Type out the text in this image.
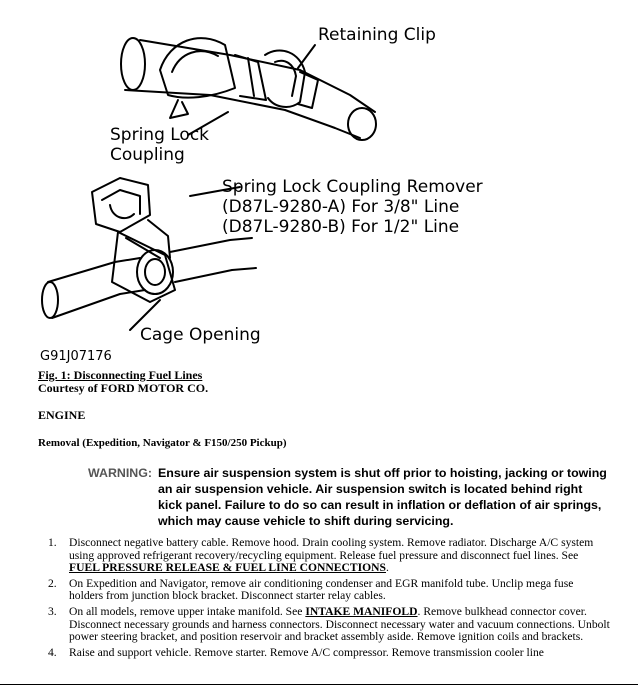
Retaining Clip
Spring Lock
Coupling
Spring Lock Coupling Remover
(D87L-9280-A) For 3/8" Line
(D87L-9280-B) For 1/2" Line
Cage Opening
G91J07176
Fig. 1: Disconnecting Fuel Lines
Courtesy of FORD MOTOR CO.
ENGINE
Removal (Expedition, Navigator & F150/250 Pickup)
WARNING: Ensure air suspension system is shut off prior to hoisting, jacking or towing an air suspension vehicle. Air suspension switch is located behind right kick panel. Failure to do so can result in inflation or deflation of air springs, which may cause vehicle to shift during servicing.
1. Disconnect negative battery cable. Remove hood. Drain cooling system. Remove radiator. Discharge A/C system using approved refrigerant recovery/recycling equipment. Release fuel pressure and disconnect fuel lines. See FUEL PRESSURE RELEASE & FUEL LINE CONNECTIONS.
2. On Expedition and Navigator, remove air conditioning condenser and EGR manifold tube. Unclip mega fuse holders from junction block bracket. Disconnect starter relay cables.
3. On all models, remove upper intake manifold. See INTAKE MANIFOLD. Remove bulkhead connector cover. Disconnect necessary grounds and harness connectors. Disconnect necessary water and vacuum connections. Unbolt power steering bracket, and position reservoir and bracket assembly aside. Remove ignition coils and brackets.
4. Raise and support vehicle. Remove starter. Remove A/C compressor. Remove transmission cooler line
